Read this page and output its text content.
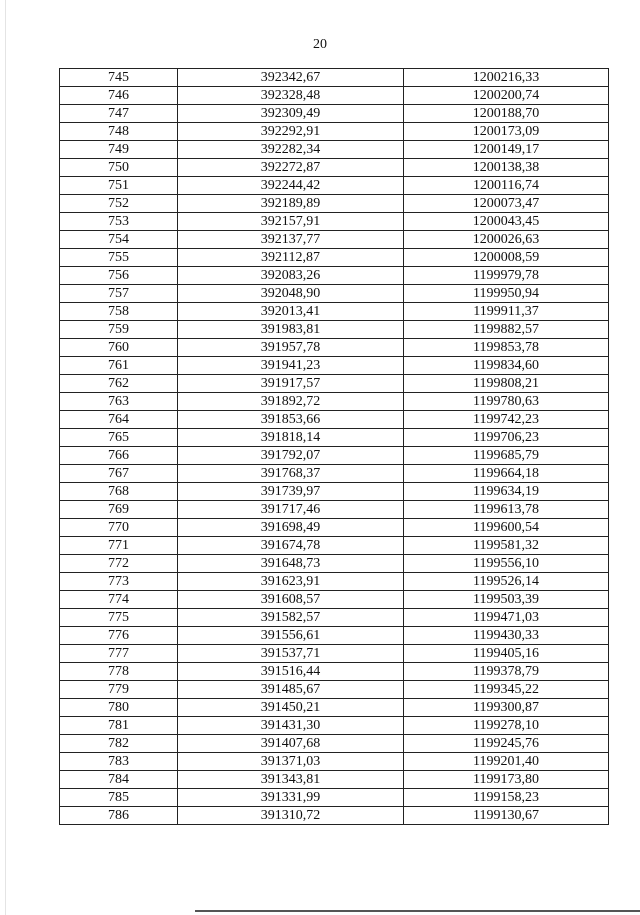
20
745	392342,67	1200216,33
746	392328,48	1200200,74
747	392309,49	1200188,70
748	392292,91	1200173,09
749	392282,34	1200149,17
750	392272,87	1200138,38
751	392244,42	1200116,74
752	392189,89	1200073,47
753	392157,91	1200043,45
754	392137,77	1200026,63
755	392112,87	1200008,59
756	392083,26	1199979,78
757	392048,90	1199950,94
758	392013,41	1199911,37
759	391983,81	1199882,57
760	391957,78	1199853,78
761	391941,23	1199834,60
762	391917,57	1199808,21
763	391892,72	1199780,63
764	391853,66	1199742,23
765	391818,14	1199706,23
766	391792,07	1199685,79
767	391768,37	1199664,18
768	391739,97	1199634,19
769	391717,46	1199613,78
770	391698,49	1199600,54
771	391674,78	1199581,32
772	391648,73	1199556,10
773	391623,91	1199526,14
774	391608,57	1199503,39
775	391582,57	1199471,03
776	391556,61	1199430,33
777	391537,71	1199405,16
778	391516,44	1199378,79
779	391485,67	1199345,22
780	391450,21	1199300,87
781	391431,30	1199278,10
782	391407,68	1199245,76
783	391371,03	1199201,40
784	391343,81	1199173,80
785	391331,99	1199158,23
786	391310,72	1199130,67
